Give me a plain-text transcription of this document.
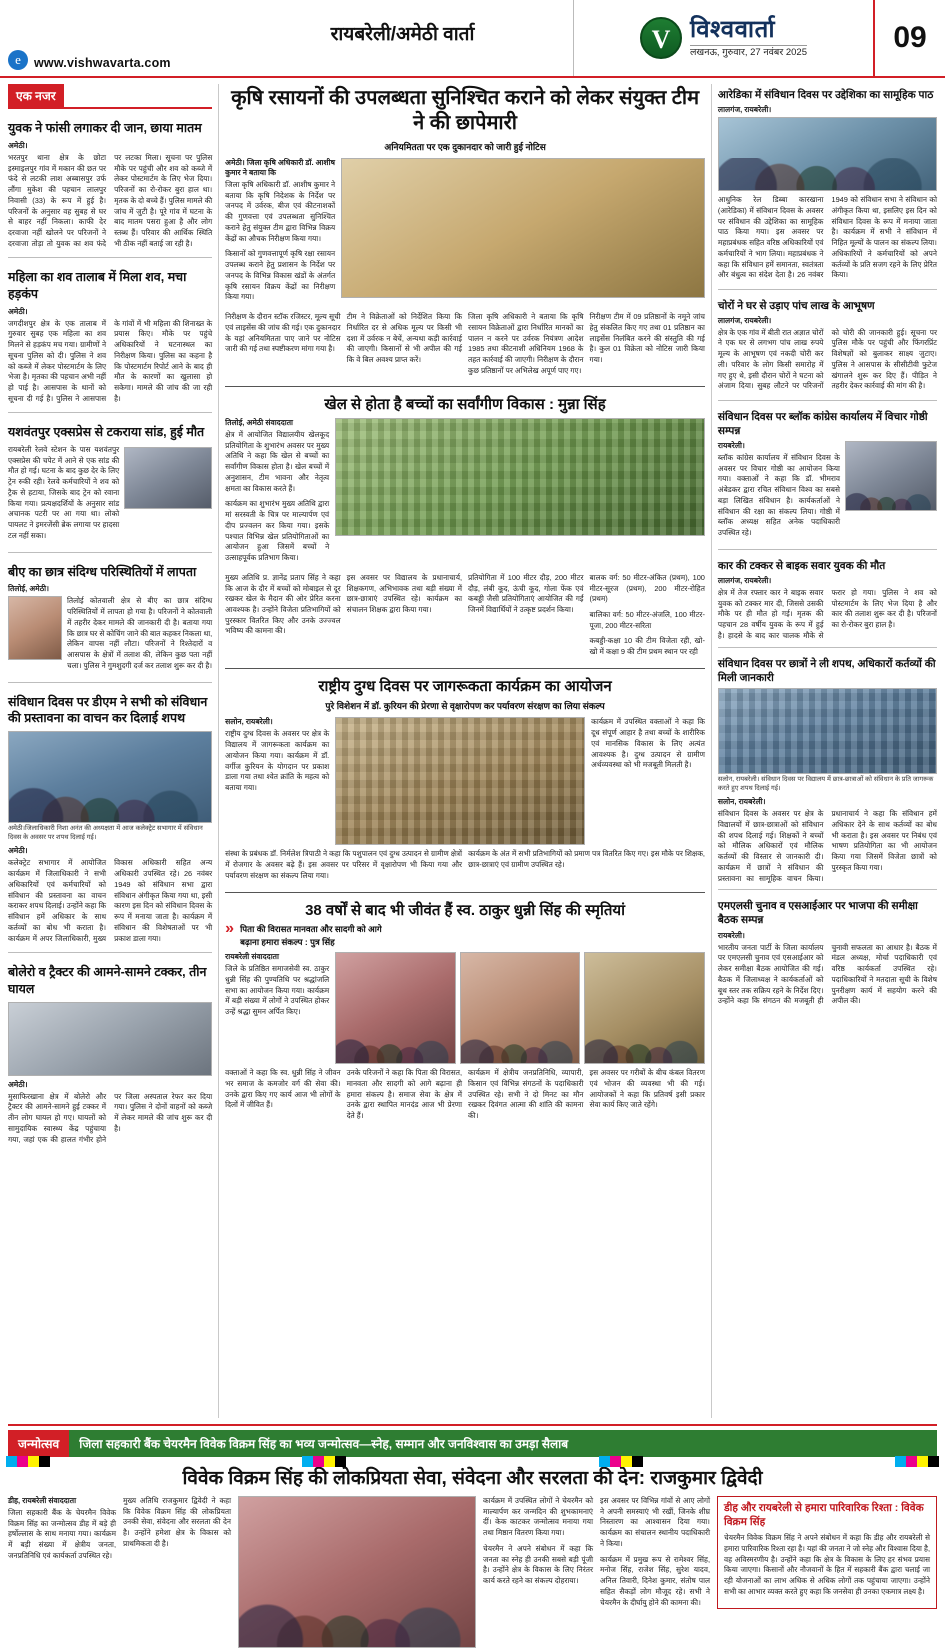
e	www.vishwavarta.com
रायबरेली/अमेठी वार्ता	V विश्ववार्ता
लखनऊ, गुरुवार, 27 नवंबर 2025	09
एक नजर
युवक ने फांसी लगाकर दी जान, छाया मातम
अमेठी।

भरतपुर थाना क्षेत्र के छोटा इस्माइलपुर गांव में मकान की छत पर फंदे से लटकी लाश अब्बासपुर उर्फ लौंगा मुकेश की पहचान लालपुर निवासी (33) के रूप में हुई है। परिजनों के अनुसार वह सुबह से घर से बाहर नहीं निकला। काफी देर दरवाजा नहीं खोलने पर परिजनों ने दरवाजा तोड़ा तो युवक का शव फंदे पर लटका मिला। सूचना पर पुलिस मौके पर पहुंची और शव को कब्जे में लेकर पोस्टमार्टम के लिए भेज दिया। परिजनों का रो-रोकर बुरा हाल था। मृतक के दो बच्चे हैं। पुलिस मामले की जांच में जुटी है। पूरे गांव में घटना के बाद मातम पसरा हुआ है और लोग स्तब्ध हैं। परिवार की आर्थिक स्थिति भी ठीक नहीं बताई जा रही है।

महिला का शव तालाब में मिला शव, मचा हड़कंप
अमेठी।

जगदीशपुर क्षेत्र के एक तालाब में गुरुवार सुबह एक महिला का शव मिलने से हड़कंप मच गया। ग्रामीणों ने सूचना पुलिस को दी। पुलिस ने शव को कब्जे में लेकर पोस्टमार्टम के लिए भेजा है। मृतका की पहचान अभी नहीं हो पाई है। आसपास के थानों को सूचना दी गई है। पुलिस ने आसपास के गांवों में भी महिला की शिनाख्त के प्रयास किए। मौके पर पहुंचे अधिकारियों ने घटनास्थल का निरीक्षण किया। पुलिस का कहना है कि पोस्टमार्टम रिपोर्ट आने के बाद ही मौत के कारणों का खुलासा हो सकेगा। मामले की जांच की जा रही है।

यशवंतपुर एक्सप्रेस से टकराया सांड, हुई मौत

रायबरेली रेलवे स्टेशन के पास यशवंतपुर एक्सप्रेस की चपेट में आने से एक सांड की मौत हो गई। घटना के बाद कुछ देर के लिए ट्रेन रुकी रही। रेलवे कर्मचारियों ने शव को ट्रैक से हटाया, जिसके बाद ट्रेन को रवाना किया गया। प्रत्यक्षदर्शियों के अनुसार सांड अचानक पटरी पर आ गया था। लोको पायलट ने इमरजेंसी ब्रेक लगाया पर हादसा टल नहीं सका।

बीए का छात्र संदिग्ध परिस्थितियों में लापता
तिलोई, अमेठी।

तिलोई कोतवाली क्षेत्र से बीए का छात्र संदिग्ध परिस्थितियों में लापता हो गया है। परिजनों ने कोतवाली में तहरीर देकर मामले की जानकारी दी है। बताया गया कि छात्र घर से कोचिंग जाने की बात कहकर निकला था, लेकिन वापस नहीं लौटा। परिजनों ने रिश्तेदारों व आसपास के क्षेत्रों में तलाश की, लेकिन कुछ पता नहीं चला। पुलिस ने गुमशुदगी दर्ज कर तलाश शुरू कर दी है।

संविधान दिवस पर डीएम ने सभी को संविधान की प्रस्तावना का वाचन कर दिलाई शपथ
अमेठी।जिलाधिकारी निशा अनंत की अध्यक्षता में आज कलेक्ट्रेट सभागार में संविधान दिवस के अवसर पर शपथ दिलाई गई।
अमेठी।

कलेक्ट्रेट सभागार में आयोजित कार्यक्रम में जिलाधिकारी ने सभी अधिकारियों एवं कर्मचारियों को संविधान की प्रस्तावना का वाचन कराकर शपथ दिलाई। उन्होंने कहा कि संविधान हमें अधिकार के साथ कर्तव्यों का बोध भी कराता है। कार्यक्रम में अपर जिलाधिकारी, मुख्य विकास अधिकारी सहित अन्य अधिकारी उपस्थित रहे। 26 नवंबर 1949 को संविधान सभा द्वारा संविधान अंगीकृत किया गया था, इसी कारण इस दिन को संविधान दिवस के रूप में मनाया जाता है। कार्यक्रम में संविधान की विशेषताओं पर भी प्रकाश डाला गया।

बोलेरो व ट्रैक्टर की आमने-सामने टक्कर, तीन घायल
अमेठी।

मुसाफिरखाना क्षेत्र में बोलेरो और ट्रैक्टर की आमने-सामने हुई टक्कर में तीन लोग घायल हो गए। घायलों को सामुदायिक स्वास्थ्य केंद्र पहुंचाया गया, जहां एक की हालत गंभीर होने पर जिला अस्पताल रेफर कर दिया गया। पुलिस ने दोनों वाहनों को कब्जे में लेकर मामले की जांच शुरू कर दी है।

कृषि रसायनों की उपलब्धता सुनिश्चित कराने को लेकर संयुक्त टीम ने की छापेमारी
अनियमितता पर एक दुकानदार को जारी हुई नोटिस
अमेठी। जिला कृषि अधिकारी डॉ. आशीष कुमार ने बताया कि

जिला कृषि अधिकारी डॉ. आशीष कुमार ने बताया कि कृषि निदेशक के निर्देश पर जनपद में उर्वरक, बीज एवं कीटनाशकों की गुणवत्ता एवं उपलब्धता सुनिश्चित कराने हेतु संयुक्त टीम द्वारा विभिन्न विक्रय केंद्रों का औचक निरीक्षण किया गया।

किसानों को गुणवत्तापूर्ण कृषि रक्षा रसायन उपलब्ध कराने हेतु प्रशासन के निर्देश पर जनपद के विभिन्न विकास खंडों के अंतर्गत कृषि रसायन विक्रय केंद्रों का निरीक्षण किया गया।

निरीक्षण के दौरान स्टॉक रजिस्टर, मूल्य सूची एवं लाइसेंस की जांच की गई। एक दुकानदार के यहां अनियमितता पाए जाने पर नोटिस जारी की गई तथा स्पष्टीकरण मांगा गया है।

टीम ने विक्रेताओं को निर्देशित किया कि निर्धारित दर से अधिक मूल्य पर किसी भी दशा में उर्वरक न बेचें, अन्यथा कड़ी कार्रवाई की जाएगी। किसानों से भी अपील की गई कि वे बिल अवश्य प्राप्त करें।

जिला कृषि अधिकारी ने बताया कि कृषि रसायन विक्रेताओं द्वारा निर्धारित मानकों का पालन न करने पर उर्वरक नियंत्रण आदेश 1985 तथा कीटनाशी अधिनियम 1968 के तहत कार्रवाई की जाएगी। निरीक्षण के दौरान कुछ प्रतिष्ठानों पर अभिलेख अपूर्ण पाए गए।

निरीक्षण टीम में 09 प्रतिष्ठानों के नमूने जांच हेतु संकलित किए गए तथा 01 प्रतिष्ठान का लाइसेंस निलंबित करने की संस्तुति की गई है। कुल 01 विक्रेता को नोटिस जारी किया गया।

खेल से होता है बच्चों का सर्वांगीण विकास : मुन्ना सिंह
तिलोई, अमेठी संवाददाता

क्षेत्र में आयोजित विद्यालयीय खेलकूद प्रतियोगिता के शुभारंभ अवसर पर मुख्य अतिथि ने कहा कि खेल से बच्चों का सर्वांगीण विकास होता है। खेल बच्चों में अनुशासन, टीम भावना और नेतृत्व क्षमता का विकास करते हैं।

कार्यक्रम का शुभारंभ मुख्य अतिथि द्वारा मां सरस्वती के चित्र पर माल्यार्पण एवं दीप प्रज्वलन कर किया गया। इसके पश्चात विभिन्न खेल प्रतियोगिताओं का आयोजन हुआ जिसमें बच्चों ने उत्साहपूर्वक प्रतिभाग किया।

मुख्य अतिथि प्र. ज्ञानेंद्र प्रताप सिंह ने कहा कि आज के दौर में बच्चों को मोबाइल से दूर रखकर खेल के मैदान की ओर प्रेरित करना आवश्यक है। उन्होंने विजेता प्रतिभागियों को पुरस्कार वितरित किए और उनके उज्ज्वल भविष्य की कामना की।

इस अवसर पर विद्यालय के प्रधानाचार्य, शिक्षकगण, अभिभावक तथा बड़ी संख्या में छात्र-छात्राएं उपस्थित रहे। कार्यक्रम का संचालन शिक्षक द्वारा किया गया।

प्रतियोगिता में 100 मीटर दौड़, 200 मीटर दौड़, लंबी कूद, ऊंची कूद, गोला फेंक एवं कबड्डी जैसी प्रतियोगिताएं आयोजित की गईं जिनमें विद्यार्थियों ने उत्कृष्ट प्रदर्शन किया।

बालक वर्ग: 50 मीटर-अंकित (प्रथम), 100 मीटर-सूरज (प्रथम), 200 मीटर-रोहित (प्रथम)

बालिका वर्ग: 50 मीटर-अंजलि, 100 मीटर-पूजा, 200 मीटर-सरिता

कबड्डी-कक्षा 10 की टीम विजेता रही, खो-खो में कक्षा 9 की टीम प्रथम स्थान पर रही

राष्ट्रीय दुग्ध दिवस पर जागरूकता कार्यक्रम का आयोजन
पुरे विशेशन में डॉ. कुरियन की प्रेरणा से वृक्षारोपण कर पर्यावरण संरक्षण का लिया संकल्प
सलोन, रायबरेली।

राष्ट्रीय दुग्ध दिवस के अवसर पर क्षेत्र के विद्यालय में जागरूकता कार्यक्रम का आयोजन किया गया। कार्यक्रम में डॉ. वर्गीज कुरियन के योगदान पर प्रकाश डाला गया तथा श्वेत क्रांति के महत्व को बताया गया।

कार्यक्रम में उपस्थित वक्ताओं ने कहा कि दूध संपूर्ण आहार है तथा बच्चों के शारीरिक एवं मानसिक विकास के लिए अत्यंत आवश्यक है। दुग्ध उत्पादन से ग्रामीण अर्थव्यवस्था को भी मजबूती मिलती है।

संस्था के प्रबंधक डॉ. निर्मलेश त्रिपाठी ने कहा कि पशुपालन एवं दुग्ध उत्पादन से ग्रामीण क्षेत्रों में रोजगार के अवसर बढ़े हैं। इस अवसर पर परिसर में वृक्षारोपण भी किया गया और पर्यावरण संरक्षण का संकल्प लिया गया।

कार्यक्रम के अंत में सभी प्रतिभागियों को प्रमाण पत्र वितरित किए गए। इस मौके पर शिक्षक, छात्र-छात्राएं एवं ग्रामीण उपस्थित रहे।

38 वर्षों से बाद भी जीवंत हैं स्व. ठाकुर धुन्नी सिंह की स्मृतियां
» पिता की विरासत मानवता और सादगी को आगे बढ़ाना हमारा संकल्प : पुत्र सिंह
रायबरेली संवाददाता

जिले के प्रतिष्ठित समाजसेवी स्व. ठाकुर धुन्नी सिंह की पुण्यतिथि पर श्रद्धांजलि सभा का आयोजन किया गया। कार्यक्रम में बड़ी संख्या में लोगों ने उपस्थित होकर उन्हें श्रद्धा सुमन अर्पित किए।

वक्ताओं ने कहा कि स्व. धुन्नी सिंह ने जीवन भर समाज के कमजोर वर्ग की सेवा की। उनके द्वारा किए गए कार्य आज भी लोगों के दिलों में जीवित हैं।

उनके परिजनों ने कहा कि पिता की विरासत, मानवता और सादगी को आगे बढ़ाना ही हमारा संकल्प है। समाज सेवा के क्षेत्र में उनके द्वारा स्थापित मानदंड आज भी प्रेरणा देते हैं।

कार्यक्रम में क्षेत्रीय जनप्रतिनिधि, व्यापारी, किसान एवं विभिन्न संगठनों के पदाधिकारी उपस्थित रहे। सभी ने दो मिनट का मौन रखकर दिवंगत आत्मा की शांति की कामना की।

इस अवसर पर गरीबों के बीच कंबल वितरण एवं भोजन की व्यवस्था भी की गई। आयोजकों ने कहा कि प्रतिवर्ष इसी प्रकार सेवा कार्य किए जाते रहेंगे।

आरेडिका में संविधान दिवस पर उद्देशिका का सामूहिक पाठ
लालगंज, रायबरेली।

आधुनिक रेल डिब्बा कारखाना (आरेडिका) में संविधान दिवस के अवसर पर संविधान की उद्देशिका का सामूहिक पाठ किया गया। इस अवसर पर महाप्रबंधक सहित वरिष्ठ अधिकारियों एवं कर्मचारियों ने भाग लिया। महाप्रबंधक ने कहा कि संविधान हमें समानता, स्वतंत्रता और बंधुत्व का संदेश देता है। 26 नवंबर 1949 को संविधान सभा ने संविधान को अंगीकृत किया था, इसलिए इस दिन को संविधान दिवस के रूप में मनाया जाता है। कार्यक्रम में सभी ने संविधान में निहित मूल्यों के पालन का संकल्प लिया। अधिकारियों ने कर्मचारियों को अपने कर्तव्यों के प्रति सजग रहने के लिए प्रेरित किया।

चोरों ने घर से उड़ाए पांच लाख के आभूषण
लालगंज, रायबरेली।

क्षेत्र के एक गांव में बीती रात अज्ञात चोरों ने एक घर से लगभग पांच लाख रुपये मूल्य के आभूषण एवं नकदी चोरी कर ली। परिवार के लोग किसी समारोह में गए हुए थे, इसी दौरान चोरों ने घटना को अंजाम दिया। सुबह लौटने पर परिजनों को चोरी की जानकारी हुई। सूचना पर पुलिस मौके पर पहुंची और फिंगरप्रिंट विशेषज्ञों को बुलाकर साक्ष्य जुटाए। पुलिस ने आसपास के सीसीटीवी फुटेज खंगालने शुरू कर दिए हैं। पीड़ित ने तहरीर देकर कार्रवाई की मांग की है।

संविधान दिवस पर ब्लॉक कांग्रेस कार्यालय में विचार गोष्ठी सम्पन्न
रायबरेली।

ब्लॉक कांग्रेस कार्यालय में संविधान दिवस के अवसर पर विचार गोष्ठी का आयोजन किया गया। वक्ताओं ने कहा कि डॉ. भीमराव अंबेडकर द्वारा रचित संविधान विश्व का सबसे बड़ा लिखित संविधान है। कार्यकर्ताओं ने संविधान की रक्षा का संकल्प लिया। गोष्ठी में ब्लॉक अध्यक्ष सहित अनेक पदाधिकारी उपस्थित रहे।

कार की टक्कर से बाइक सवार युवक की मौत
लालगंज, रायबरेली।

क्षेत्र में तेज रफ्तार कार ने बाइक सवार युवक को टक्कर मार दी, जिससे उसकी मौके पर ही मौत हो गई। मृतक की पहचान 28 वर्षीय युवक के रूप में हुई है। हादसे के बाद कार चालक मौके से फरार हो गया। पुलिस ने शव को पोस्टमार्टम के लिए भेज दिया है और कार की तलाश शुरू कर दी है। परिजनों का रो-रोकर बुरा हाल है।

संविधान दिवस पर छात्रों ने ली शपथ, अधिकारों कर्तव्यों की मिली जानकारी
सलोन, रायबरेली। संविधान दिवस पर विद्यालय में छात्र-छात्राओं को संविधान के प्रति जागरूक करते हुए शपथ दिलाई गई।
सलोन, रायबरेली।

संविधान दिवस के अवसर पर क्षेत्र के विद्यालयों में छात्र-छात्राओं को संविधान की शपथ दिलाई गई। शिक्षकों ने बच्चों को मौलिक अधिकारों एवं मौलिक कर्तव्यों की विस्तार से जानकारी दी। कार्यक्रम में छात्रों ने संविधान की प्रस्तावना का सामूहिक वाचन किया। प्रधानाचार्य ने कहा कि संविधान हमें अधिकार देने के साथ कर्तव्यों का बोध भी कराता है। इस अवसर पर निबंध एवं भाषण प्रतियोगिता का भी आयोजन किया गया जिसमें विजेता छात्रों को पुरस्कृत किया गया।

एमएलसी चुनाव व एसआईआर पर भाजपा की समीक्षा बैठक सम्पन्न
रायबरेली।

भारतीय जनता पार्टी के जिला कार्यालय पर एमएलसी चुनाव एवं एसआईआर को लेकर समीक्षा बैठक आयोजित की गई। बैठक में जिलाध्यक्ष ने कार्यकर्ताओं को बूथ स्तर तक सक्रिय रहने के निर्देश दिए। उन्होंने कहा कि संगठन की मजबूती ही चुनावी सफलता का आधार है। बैठक में मंडल अध्यक्ष, मोर्चा पदाधिकारी एवं वरिष्ठ कार्यकर्ता उपस्थित रहे। पदाधिकारियों ने मतदाता सूची के विशेष पुनरीक्षण कार्य में सहयोग करने की अपील की।

जन्मोत्सव	जिला सहकारी बैंक चेयरमैन विवेक विक्रम सिंह का भव्य जन्मोत्सव—स्नेह, सम्मान और जनविश्वास का उमड़ा सैलाब
विवेक विक्रम सिंह की लोकप्रियता सेवा, संवेदना और सरलता की देन: राजकुमार द्विवेदी
डीह, रायबरेली संवाददाता

जिला सहकारी बैंक के चेयरमैन विवेक विक्रम सिंह का जन्मोत्सव डीह में बड़े ही हर्षोल्लास के साथ मनाया गया। कार्यक्रम में बड़ी संख्या में क्षेत्रीय जनता, जनप्रतिनिधि एवं कार्यकर्ता उपस्थित रहे।

मुख्य अतिथि राजकुमार द्विवेदी ने कहा कि विवेक विक्रम सिंह की लोकप्रियता उनकी सेवा, संवेदना और सरलता की देन है। उन्होंने हमेशा क्षेत्र के विकास को प्राथमिकता दी है।

कार्यक्रम में उपस्थित लोगों ने चेयरमैन को माल्यार्पण कर जन्मदिन की शुभकामनाएं दीं। केक काटकर जन्मोत्सव मनाया गया तथा मिष्ठान वितरण किया गया।

चेयरमैन ने अपने संबोधन में कहा कि जनता का स्नेह ही उनकी सबसे बड़ी पूंजी है। उन्होंने क्षेत्र के विकास के लिए निरंतर कार्य करते रहने का संकल्प दोहराया।

इस अवसर पर विभिन्न गांवों से आए लोगों ने अपनी समस्याएं भी रखीं, जिनके शीघ्र निस्तारण का आश्वासन दिया गया। कार्यक्रम का संचालन स्थानीय पदाधिकारी ने किया।

कार्यक्रम में प्रमुख रूप से रामेश्वर सिंह, मनोज सिंह, राजेश सिंह, सुरेश यादव, अनिल तिवारी, दिनेश कुमार, संतोष पाल सहित सैकड़ों लोग मौजूद रहे। सभी ने चेयरमैन के दीर्घायु होने की कामना की।

डीह और रायबरेली से हमारा पारिवारिक रिश्ता : विवेक विक्रम सिंह

चेयरमैन विवेक विक्रम सिंह ने अपने संबोधन में कहा कि डीह और रायबरेली से हमारा पारिवारिक रिश्ता रहा है। यहां की जनता ने जो स्नेह और विश्वास दिया है, वह अविस्मरणीय है। उन्होंने कहा कि क्षेत्र के विकास के लिए हर संभव प्रयास किया जाएगा। किसानों और नौजवानों के हित में सहकारी बैंक द्वारा चलाई जा रही योजनाओं का लाभ अधिक से अधिक लोगों तक पहुंचाया जाएगा। उन्होंने सभी का आभार व्यक्त करते हुए कहा कि जनसेवा ही उनका एकमात्र लक्ष्य है।
